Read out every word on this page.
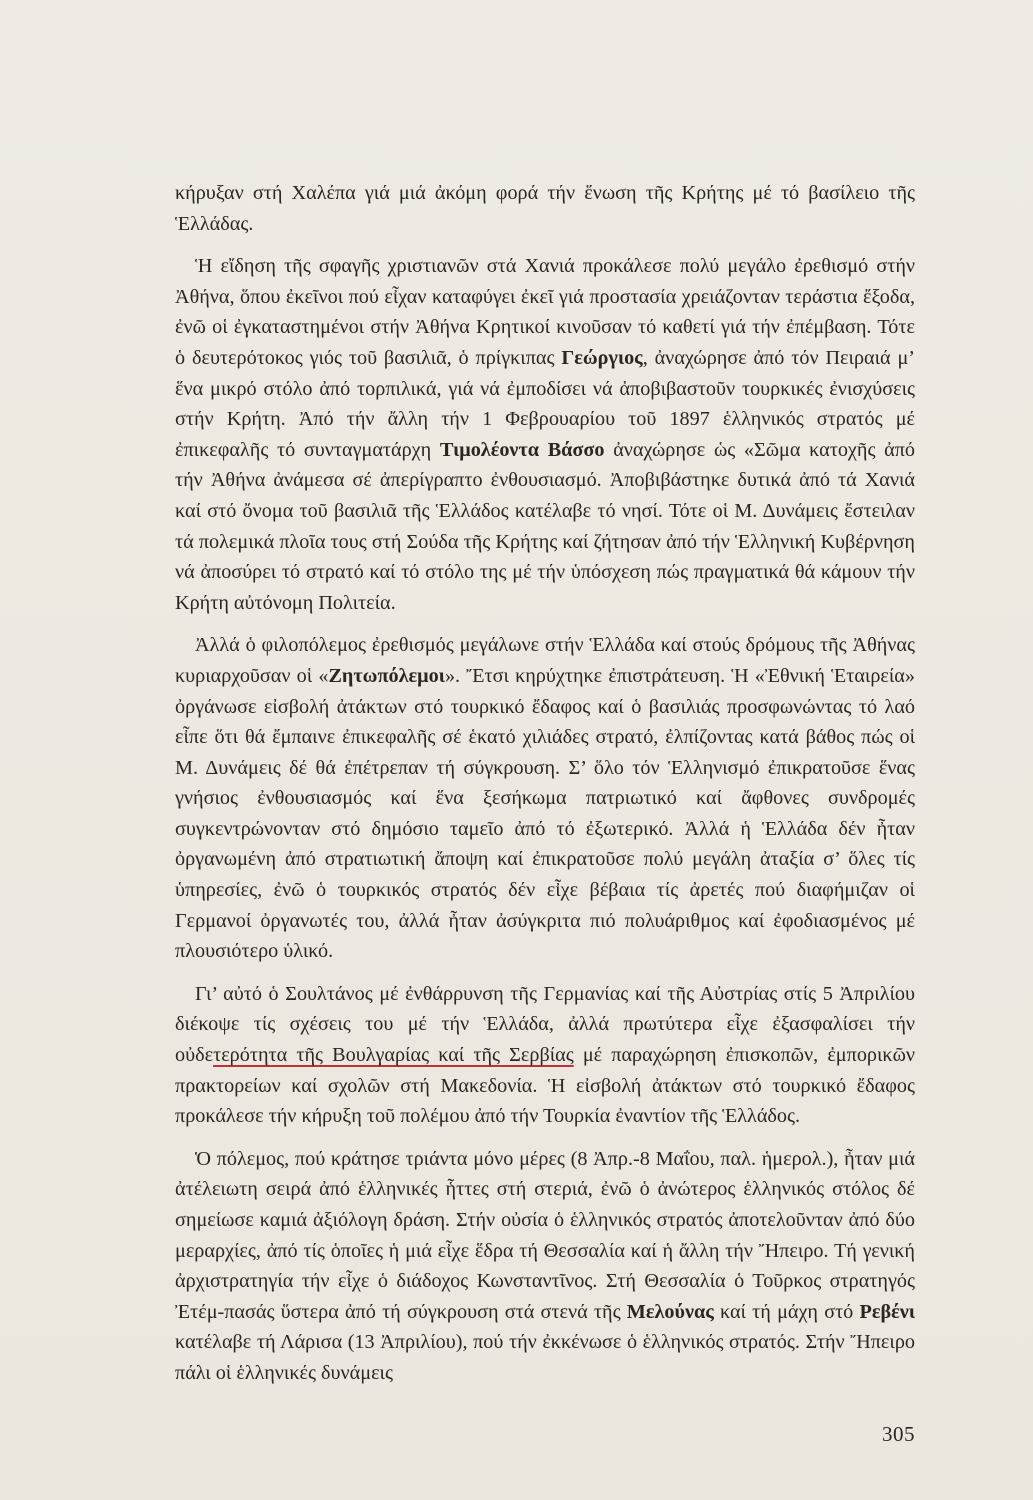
κήρυξαν στή Χαλέπα γιά μιά ἀκόμη φορά τήν ἕνωση τῆς Κρήτης μέ τό βασίλειο τῆς Ἑλλάδας.

Ἡ εἴδηση τῆς σφαγῆς χριστιανῶν στά Χανιά προκάλεσε πολύ μεγάλο ἐρεθισμό στήν Ἀθήνα, ὅπου ἐκεῖνοι πού εἶχαν καταφύγει ἐκεῖ γιά προστασία χρειάζονταν τεράστια ἔξοδα, ἐνῶ οἱ ἐγκαταστημένοι στήν Ἀθήνα Κρητικοί κινοῦσαν τό καθετί γιά τήν ἐπέμβαση. Τότε ὁ δευτερότοκος γιός τοῦ βασιλιᾶ, ὁ πρίγκιπας Γεώργιος, ἀναχώρησε ἀπό τόν Πειραιά μ’ ἕνα μικρό στόλο ἀπό τορπιλικά, γιά νά ἐμποδίσει νά ἀποβιβαστοῦν τουρκικές ἐνισχύσεις στήν Κρήτη. Ἀπό τήν ἄλλη τήν 1 Φεβρουαρίου τοῦ 1897 ἑλληνικός στρατός μέ ἐπικεφαλῆς τό συνταγματάρχη Τιμολέοντα Βάσσο ἀναχώρησε ὡς «Σῶμα κατοχῆς ἀπό τήν Ἀθήνα ἀνάμεσα σέ ἀπερίγραπτο ἐνθουσιασμό. Ἀποβιβάστηκε δυτικά ἀπό τά Χανιά καί στό ὄνομα τοῦ βασιλιᾶ τῆς Ἑλλάδος κατέλαβε τό νησί. Τότε οἱ Μ. Δυνάμεις ἔστειλαν τά πολεμικά πλοῖα τους στή Σούδα τῆς Κρήτης καί ζήτησαν ἀπό τήν Ἑλληνική Κυβέρνηση νά ἀποσύρει τό στρατό καί τό στόλο της μέ τήν ὑπόσχεση πώς πραγματικά θά κάμουν τήν Κρήτη αὐτόνομη Πολιτεία.

Ἀλλά ὁ φιλοπόλεμος ἐρεθισμός μεγάλωνε στήν Ἑλλάδα καί στούς δρόμους τῆς Ἀθήνας κυριαρχοῦσαν οἱ «Ζητωπόλεμοι». Ἔτσι κηρύχτηκε ἐπιστράτευση. Ἡ «Ἐθνική Ἑταιρεία» ὀργάνωσε εἰσβολή ἀτάκτων στό τουρκικό ἔδαφος καί ὁ βασιλιάς προσφωνώντας τό λαό εἶπε ὅτι θά ἔμπαινε ἐπικεφαλῆς σέ ἑκατό χιλιάδες στρατό, ἐλπίζοντας κατά βάθος πώς οἱ Μ. Δυνάμεις δέ θά ἐπέτρεπαν τή σύγκρουση. Σ’ ὅλο τόν Ἑλληνισμό ἐπικρατοῦσε ἕνας γνήσιος ἐνθουσιασμός καί ἕνα ξεσήκωμα πατριωτικό καί ἄφθονες συνδρομές συγκεντρώνονταν στό δημόσιο ταμεῖο ἀπό τό ἐξωτερικό. Ἀλλά ἡ Ἑλλάδα δέν ἦταν ὀργανωμένη ἀπό στρατιωτική ἄποψη καί ἐπικρατοῦσε πολύ μεγάλη ἀταξία σ’ ὅλες τίς ὑπηρεσίες, ἐνῶ ὁ τουρκικός στρατός δέν εἶχε βέβαια τίς ἀρετές πού διαφήμιζαν οἱ Γερμανοί ὀργανωτές του, ἀλλά ἦταν ἀσύγκριτα πιό πολυάριθμος καί ἐφοδιασμένος μέ πλουσιότερο ὑλικό.

Γι’ αὐτό ὁ Σουλτάνος μέ ἐνθάρρυνση τῆς Γερμανίας καί τῆς Αὐστρίας στίς 5 Ἀπριλίου διέκοψε τίς σχέσεις του μέ τήν Ἑλλάδα, ἀλλά πρωτύτερα εἶχε ἐξασφαλίσει τήν οὐδετερότητα τῆς Βουλγαρίας καί τῆς Σερβίας μέ παραχώρηση ἐπισκοπῶν, ἐμπορικῶν πρακτορείων καί σχολῶν στή Μακεδονία. Ἡ εἰσβολή ἀτάκτων στό τουρκικό ἔδαφος προκάλεσε τήν κήρυξη τοῦ πολέμου ἀπό τήν Τουρκία ἐναντίον τῆς Ἑλλάδος.

Ὁ πόλεμος, πού κράτησε τριάντα μόνο μέρες (8 Ἀπρ.-8 Μαΐου, παλ. ἡμερολ.), ἦταν μιά ἀτέλειωτη σειρά ἀπό ἑλληνικές ἧττες στή στεριά, ἐνῶ ὁ ἀνώτερος ἑλληνικός στόλος δέ σημείωσε καμιά ἀξιόλογη δράση. Στήν οὐσία ὁ ἑλληνικός στρατός ἀποτελοῦνταν ἀπό δύο μεραρχίες, ἀπό τίς ὁποῖες ἡ μιά εἶχε ἕδρα τή Θεσσαλία καί ἡ ἄλλη τήν Ἤπειρο. Τή γενική ἀρχιστρατηγία τήν εἶχε ὁ διάδοχος Κωνσταντῖνος. Στή Θεσσαλία ὁ Τοῦρκος στρατηγός Ἐτέμ-πασάς ὕστερα ἀπό τή σύγκρουση στά στενά τῆς Μελούνας καί τή μάχη στό Ρεβένι κατέλαβε τή Λάρισα (13 Ἀπριλίου), πού τήν ἐκκένωσε ὁ ἑλληνικός στρατός. Στήν Ἤπειρο πάλι οἱ ἑλληνικές δυνάμεις

305
